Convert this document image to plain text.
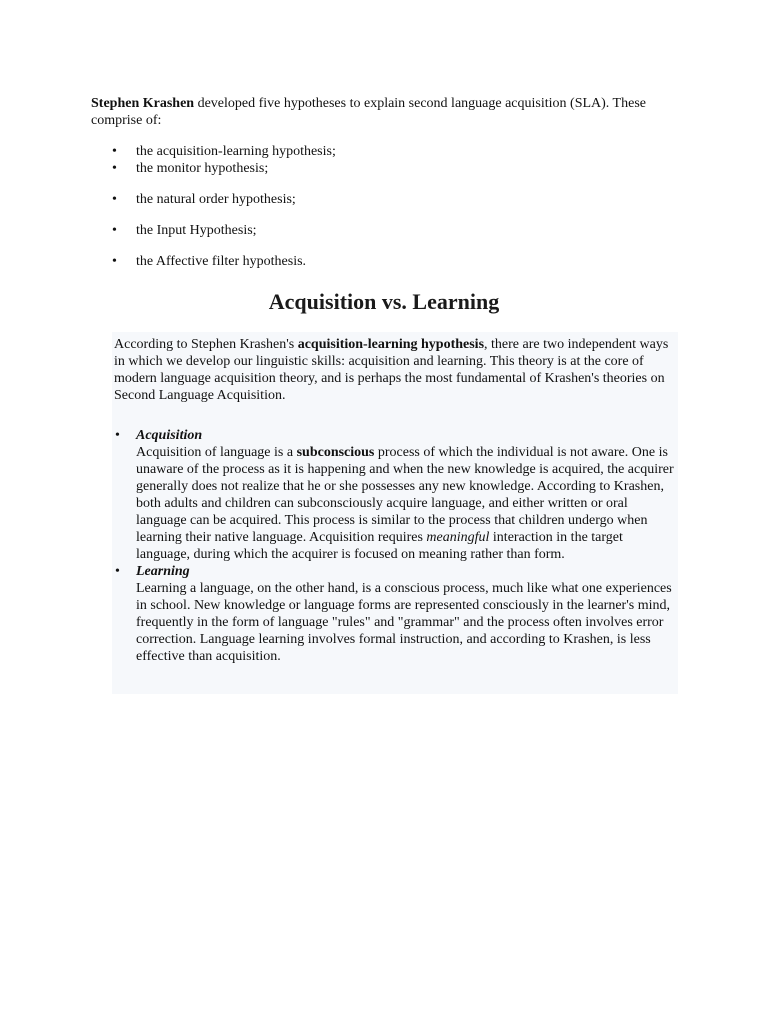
Stephen Krashen developed five hypotheses to explain second language acquisition (SLA). These comprise of:

• the acquisition-learning hypothesis;
• the monitor hypothesis;
• the natural order hypothesis;
• the Input Hypothesis;
• the Affective filter hypothesis.
Acquisition vs. Learning

According to Stephen Krashen's acquisition-learning hypothesis, there are two independent ways in which we develop our linguistic skills: acquisition and learning. This theory is at the core of modern language acquisition theory, and is perhaps the most fundamental of Krashen's theories on Second Language Acquisition.

• Acquisition
Acquisition of language is a subconscious process of which the individual is not aware. One is unaware of the process as it is happening and when the new knowledge is acquired, the acquirer generally does not realize that he or she possesses any new knowledge. According to Krashen, both adults and children can subconsciously acquire language, and either written or oral language can be acquired. This process is similar to the process that children undergo when learning their native language. Acquisition requires meaningful interaction in the target language, during which the acquirer is focused on meaning rather than form.
• Learning
Learning a language, on the other hand, is a conscious process, much like what one experiences in school. New knowledge or language forms are represented consciously in the learner's mind, frequently in the form of language "rules" and "grammar" and the process often involves error correction. Language learning involves formal instruction, and according to Krashen, is less effective than acquisition.
